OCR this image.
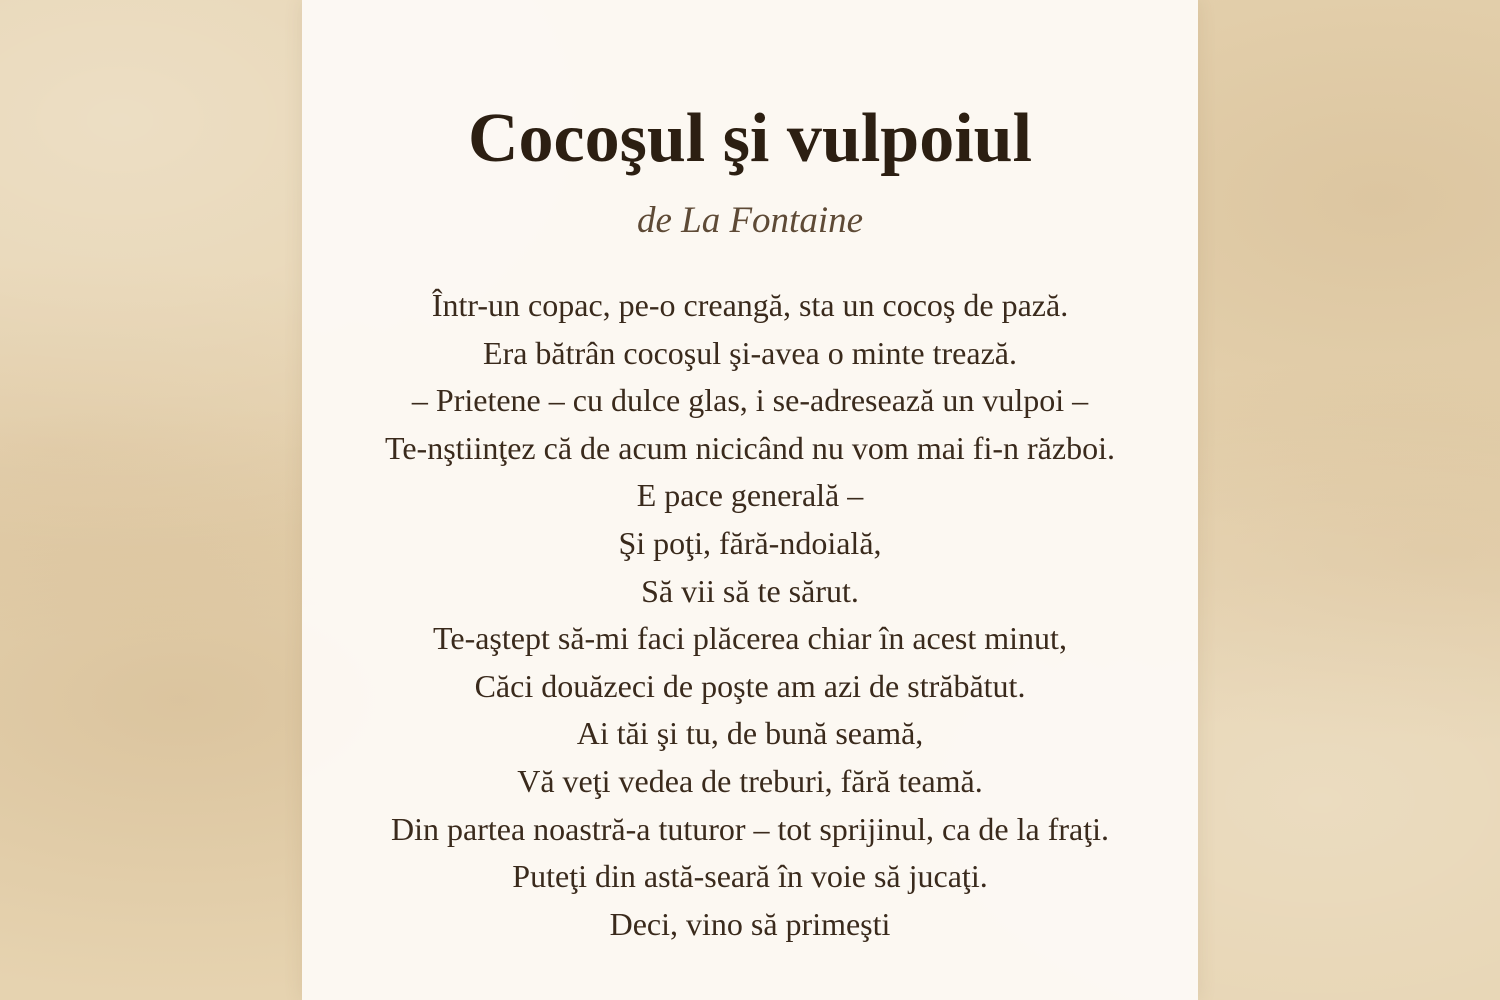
Cocoşul şi vulpoiul
de La Fontaine
Într-un copac, pe-o creangă, sta un cocoş de pază.
Era bătrân cocoşul şi-avea o minte trează.
– Prietene – cu dulce glas, i se-adresează un vulpoi –
Te-nştiinţez că de acum nicicând nu vom mai fi-n război.
E pace generală –
Şi poţi, fără-ndoială,
Să vii să te sărut.
Te-aştept să-mi faci plăcerea chiar în acest minut,
Căci douăzeci de poşte am azi de străbătut.
Ai tăi şi tu, de bună seamă,
Vă veţi vedea de treburi, fără teamă.
Din partea noastră-a tuturor – tot sprijinul, ca de la fraţi.
Puteţi din astă-seară în voie să jucaţi.
Deci, vino să primeşti
